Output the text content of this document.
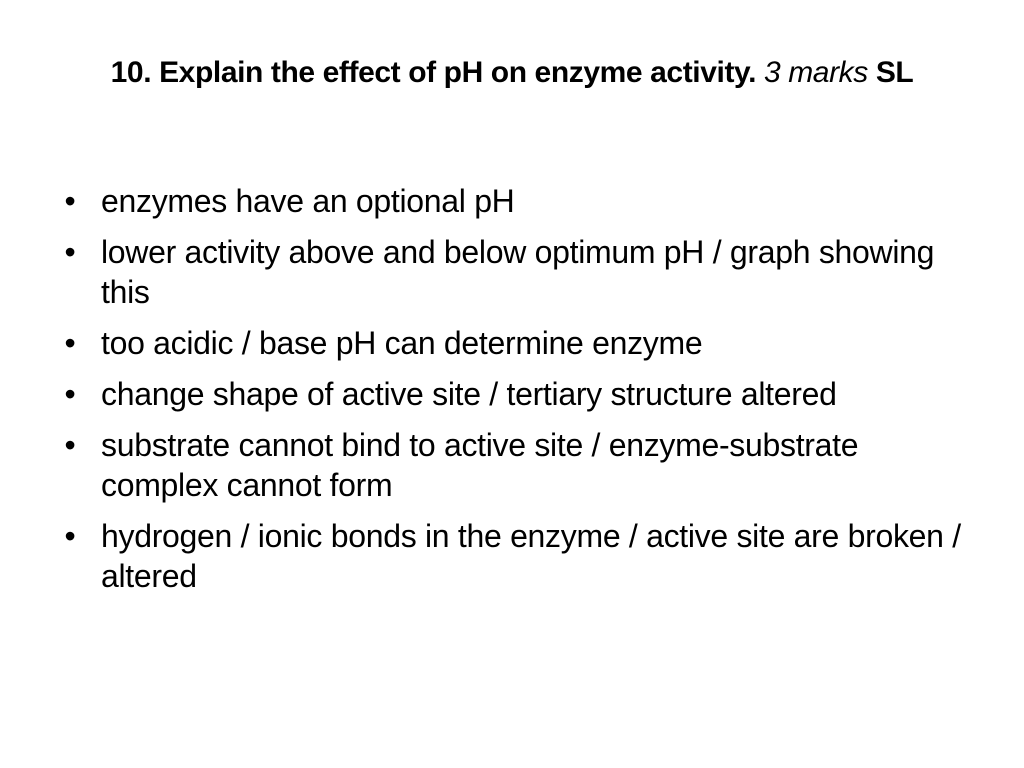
10. Explain the effect of pH on enzyme activity. 3 marks SL
• enzymes have an optional pH
• lower activity above and below optimum pH / graph showing this
• too acidic / base pH can determine enzyme
• change shape of active site / tertiary structure altered
• substrate cannot bind to active site / enzyme-substrate complex cannot form
• hydrogen / ionic bonds in the enzyme / active site are broken / altered
